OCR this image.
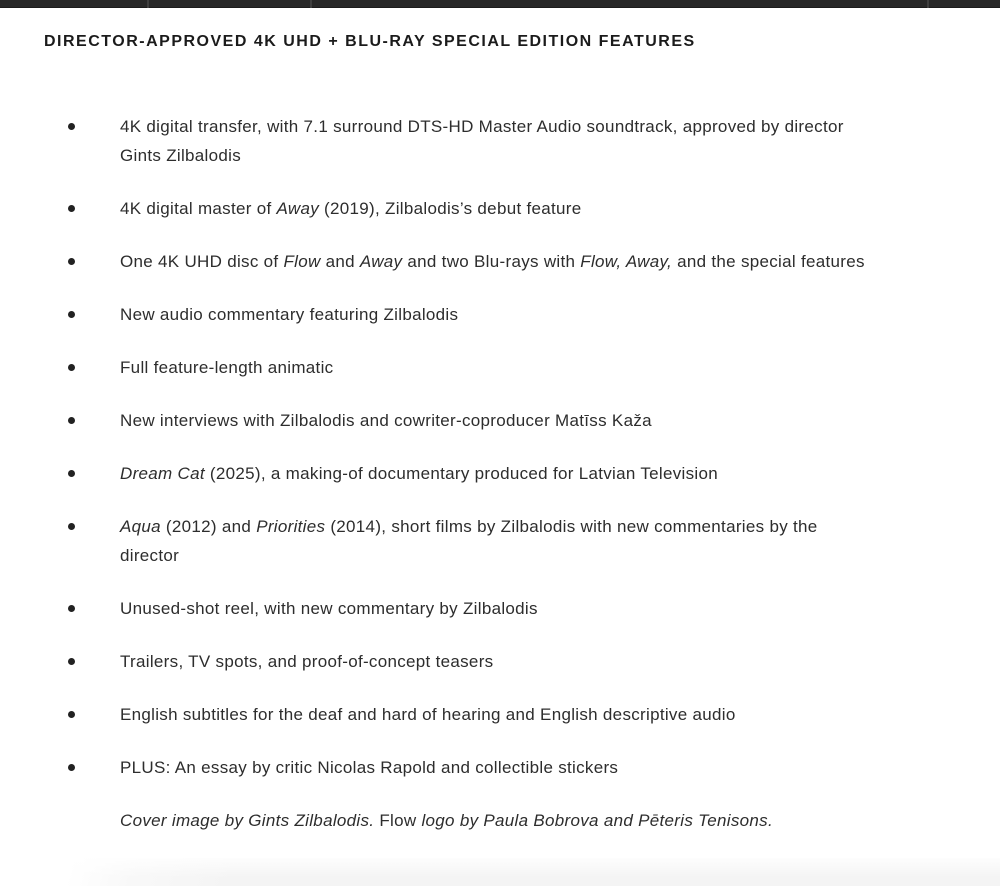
DIRECTOR-APPROVED 4K UHD + BLU-RAY SPECIAL EDITION FEATURES
4K digital transfer, with 7.1 surround DTS-HD Master Audio soundtrack, approved by director Gints Zilbalodis
4K digital master of Away (2019), Zilbalodis’s debut feature
One 4K UHD disc of Flow and Away and two Blu-rays with Flow, Away, and the special features
New audio commentary featuring Zilbalodis
Full feature-length animatic
New interviews with Zilbalodis and cowriter-coproducer Matīss Kaža
Dream Cat (2025), a making-of documentary produced for Latvian Television
Aqua (2012) and Priorities (2014), short films by Zilbalodis with new commentaries by the director
Unused-shot reel, with new commentary by Zilbalodis
Trailers, TV spots, and proof-of-concept teasers
English subtitles for the deaf and hard of hearing and English descriptive audio
PLUS: An essay by critic Nicolas Rapold and collectible stickers

Cover image by Gints Zilbalodis. Flow logo by Paula Bobrova and Pēteris Tenisons.
